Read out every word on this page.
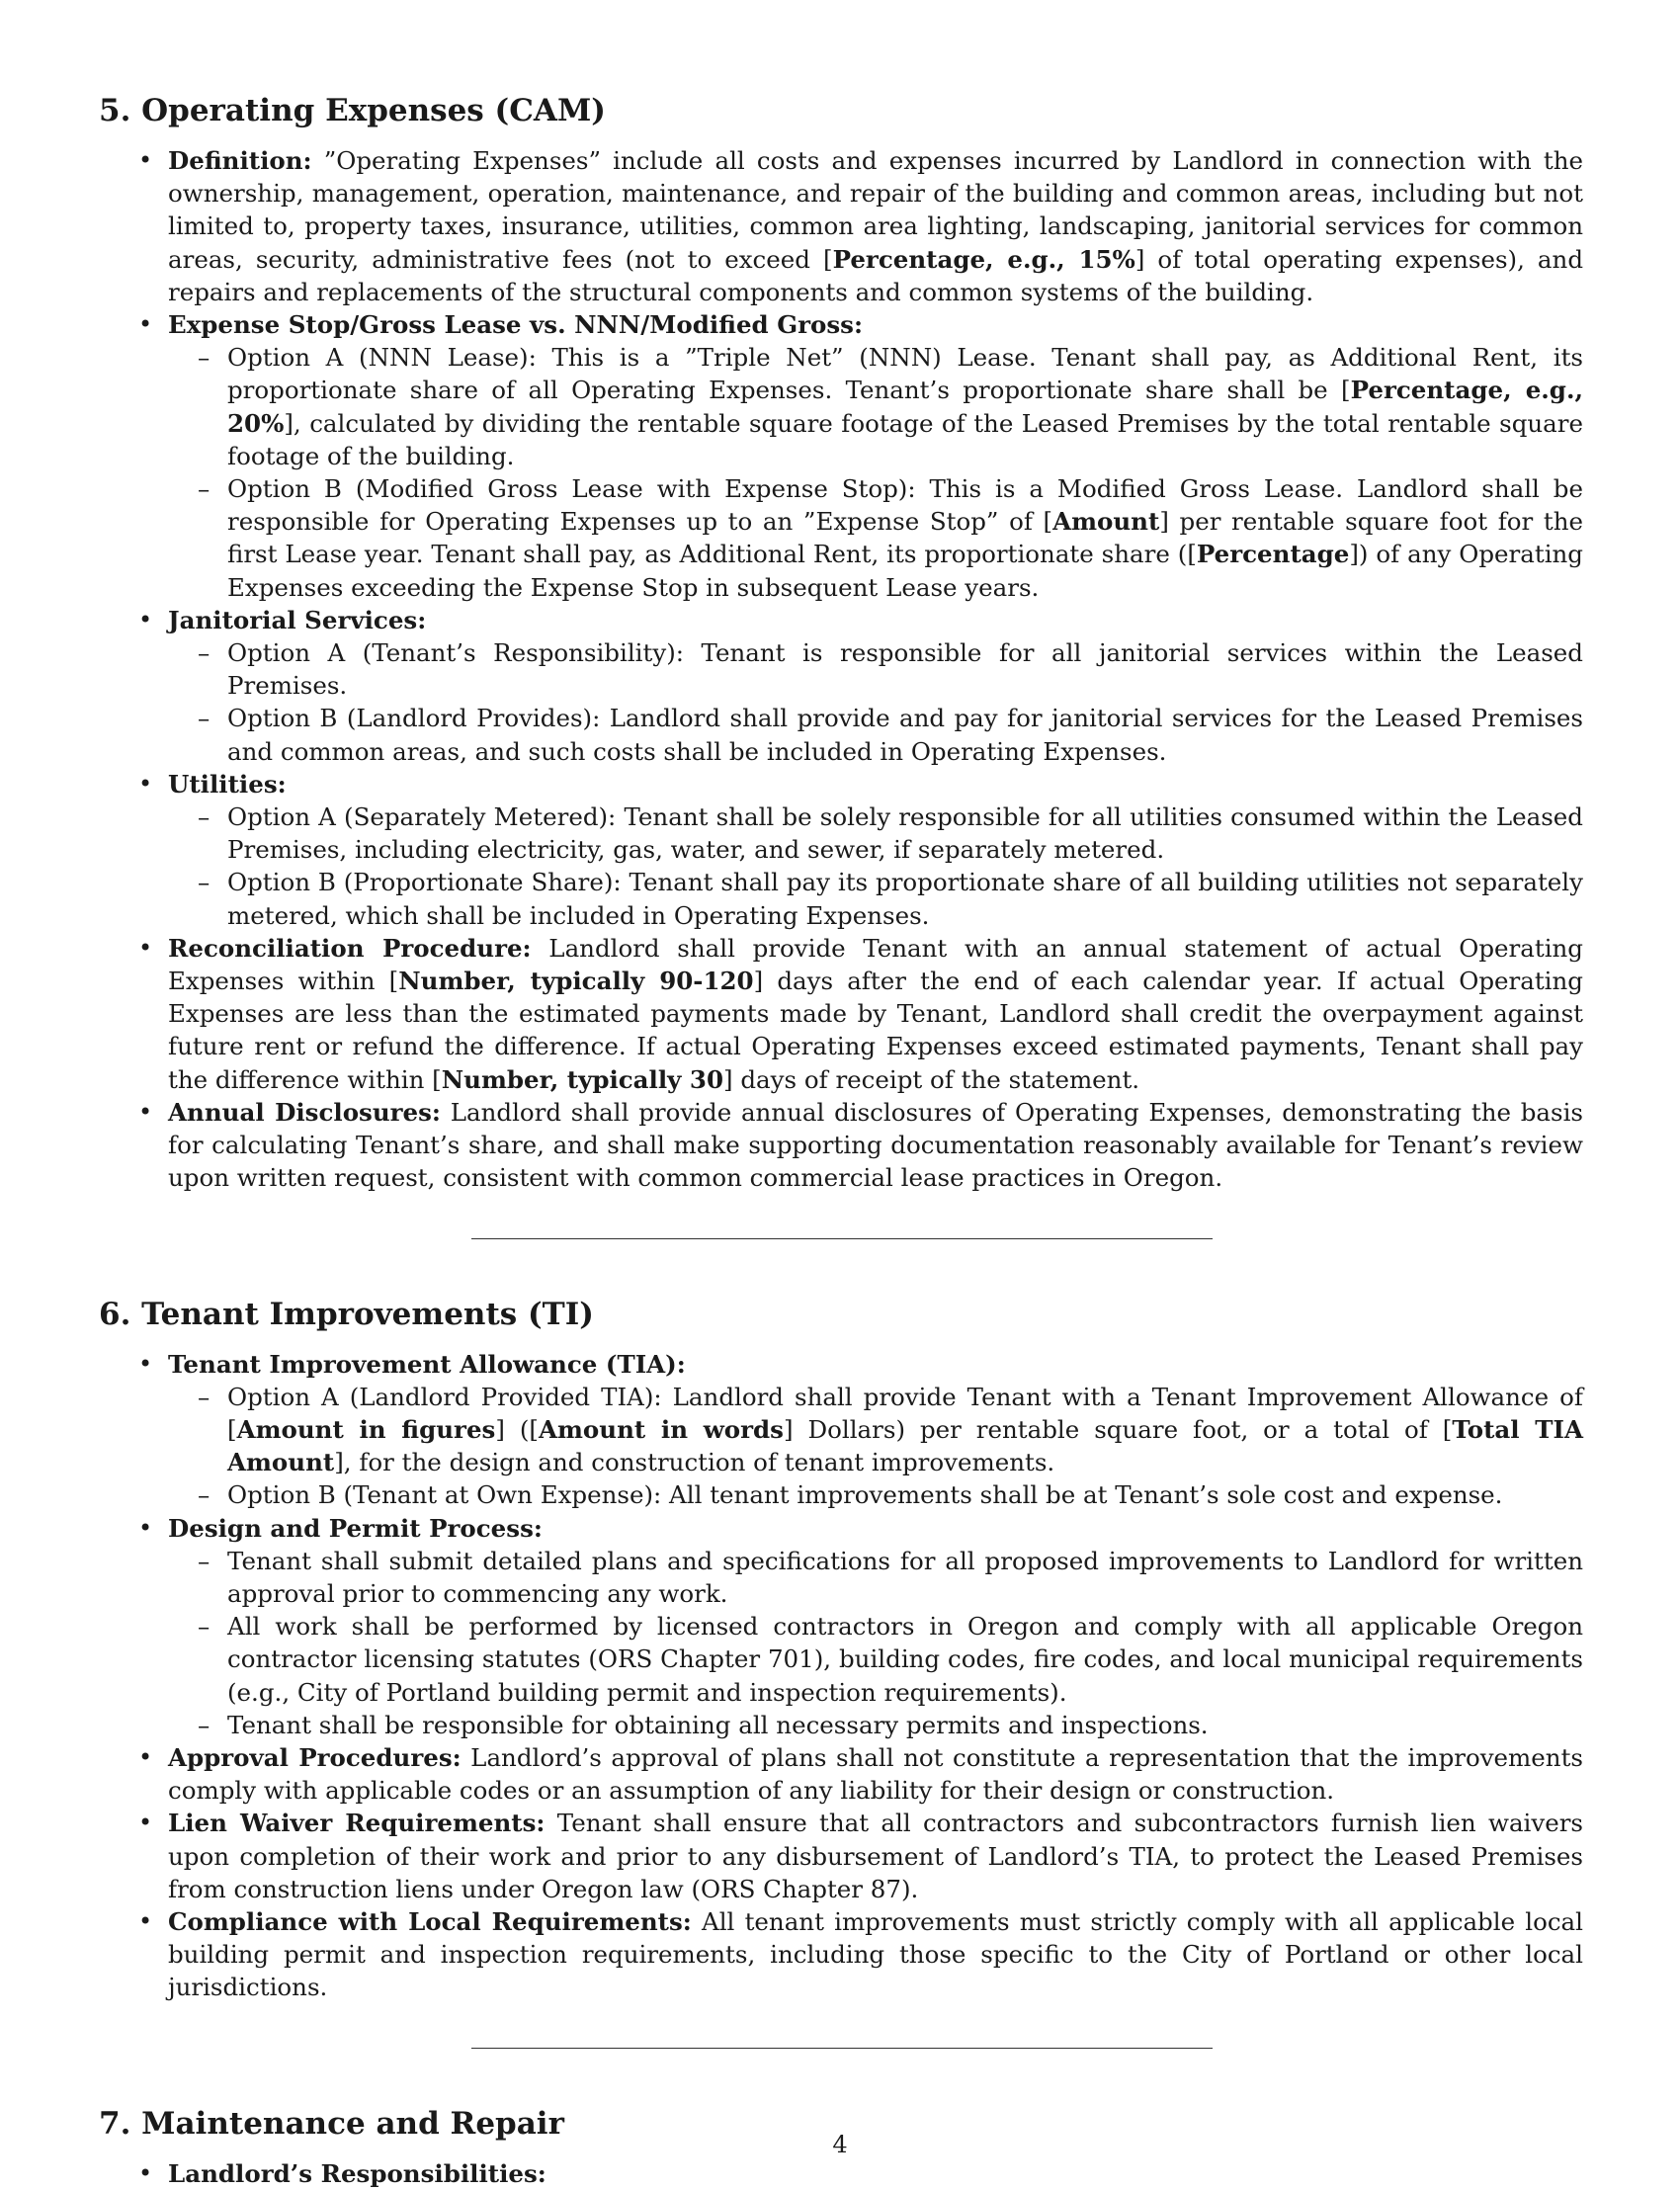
5. Operating Expenses (CAM)
• Definition: ”Operating Expenses” include all costs and expenses incurred by Landlord in connection with the ownership, management, operation, maintenance, and repair of the building and common areas, including but not limited to, property taxes, insurance, utilities, common area lighting, landscaping, janitorial services for common areas, security, administrative fees (not to exceed [Percentage, e.g., 15%] of total operating expenses), and repairs and replacements of the structural components and common systems of the building.
• Expense Stop/Gross Lease vs. NNN/Modified Gross:
– Option A (NNN Lease): This is a ”Triple Net” (NNN) Lease. Tenant shall pay, as Additional Rent, its proportionate share of all Operating Expenses. Tenant’s proportionate share shall be [Percentage, e.g., 20%], calculated by dividing the rentable square footage of the Leased Premises by the total rentable square footage of the building.
– Option B (Modified Gross Lease with Expense Stop): This is a Modified Gross Lease. Landlord shall be responsible for Operating Expenses up to an ”Expense Stop” of [Amount] per rentable square foot for the first Lease year. Tenant shall pay, as Additional Rent, its proportionate share ([Percentage]) of any Operating Expenses exceeding the Expense Stop in subsequent Lease years.
• Janitorial Services:
– Option A (Tenant’s Responsibility): Tenant is responsible for all janitorial services within the Leased Premises.
– Option B (Landlord Provides): Landlord shall provide and pay for janitorial services for the Leased Premises and common areas, and such costs shall be included in Operating Expenses.
• Utilities:
– Option A (Separately Metered): Tenant shall be solely responsible for all utilities consumed within the Leased Premises, including electricity, gas, water, and sewer, if separately metered.
– Option B (Proportionate Share): Tenant shall pay its proportionate share of all building utilities not separately metered, which shall be included in Operating Expenses.
• Reconciliation Procedure: Landlord shall provide Tenant with an annual statement of actual Operating Expenses within [Number, typically 90-120] days after the end of each calendar year. If actual Operating Expenses are less than the estimated payments made by Tenant, Landlord shall credit the overpayment against future rent or refund the difference. If actual Operating Expenses exceed estimated payments, Tenant shall pay the difference within [Number, typically 30] days of receipt of the statement.
• Annual Disclosures: Landlord shall provide annual disclosures of Operating Expenses, demonstrating the basis for calculating Tenant’s share, and shall make supporting documentation reasonably available for Tenant’s review upon written request, consistent with common commercial lease practices in Oregon.
6. Tenant Improvements (TI)
• Tenant Improvement Allowance (TIA):
– Option A (Landlord Provided TIA): Landlord shall provide Tenant with a Tenant Improvement Allowance of [Amount in figures] ([Amount in words] Dollars) per rentable square foot, or a total of [Total TIA Amount], for the design and construction of tenant improvements.
– Option B (Tenant at Own Expense): All tenant improvements shall be at Tenant’s sole cost and expense.
• Design and Permit Process:
– Tenant shall submit detailed plans and specifications for all proposed improvements to Landlord for written approval prior to commencing any work.
– All work shall be performed by licensed contractors in Oregon and comply with all applicable Oregon contractor licensing statutes (ORS Chapter 701), building codes, fire codes, and local municipal requirements (e.g., City of Portland building permit and inspection requirements).
– Tenant shall be responsible for obtaining all necessary permits and inspections.
• Approval Procedures: Landlord’s approval of plans shall not constitute a representation that the improvements comply with applicable codes or an assumption of any liability for their design or construction.
• Lien Waiver Requirements: Tenant shall ensure that all contractors and subcontractors furnish lien waivers upon completion of their work and prior to any disbursement of Landlord’s TIA, to protect the Leased Premises from construction liens under Oregon law (ORS Chapter 87).
• Compliance with Local Requirements: All tenant improvements must strictly comply with all applicable local building permit and inspection requirements, including those specific to the City of Portland or other local jurisdictions.
7. Maintenance and Repair
• Landlord’s Responsibilities:
4
